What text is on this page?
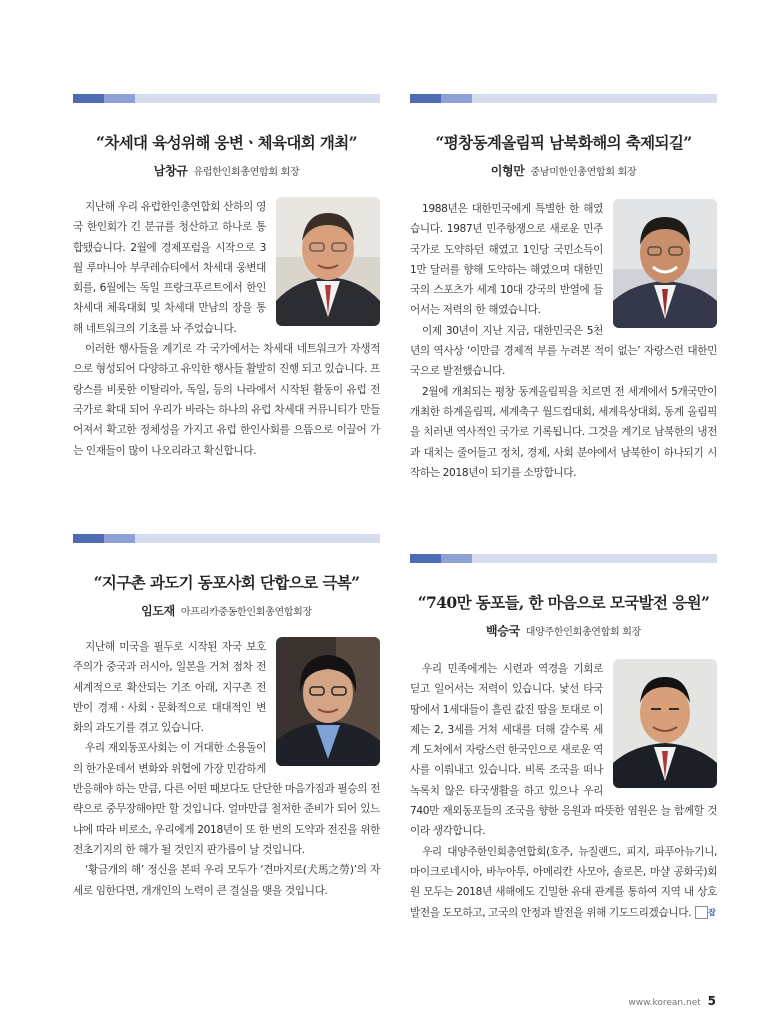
“차세대 육성위해 웅변ㆍ체육대회 개최”
남창규 유럽한인회총연합회 회장

지난해 우리 유럽한인총연합회 산하의 영국 한인회가 긴 분규를 청산하고 하나로 통합됐습니다. 2월에 경제포럼을 시작으로 3월 루마니아 부쿠레슈티에서 차세대 웅변대회를, 6월에는 독일 프랑크푸르트에서 한인차세대 체육대회 및 차세대 만남의 장을 통해 네트워크의 기초를 놔 주었습니다.

이러한 행사들을 계기로 각 국가에서는 차세대 네트워크가 자생적으로 형성되어 다양하고 유익한 행사들 활발히 진행 되고 있습니다. 프랑스를 비롯한 이탈리아, 독일, 등의 나라에서 시작된 활동이 유럽 전 국가로 확대 되어 우리가 바라는 하나의 유럽 차세대 커뮤니티가 만들어져서 확고한 정체성을 가지고 유럽 한인사회를 으뜸으로 이끌어 가는 인재들이 많이 나오리라고 확신합니다.

“평창동계올림픽 남북화해의 축제되길”
이형만 중남미한인총연합회 회장

1988년은 대한민국에게 특별한 한 해였습니다. 1987년 민주항쟁으로 새로운 민주국가로 도약하던 해였고 1인당 국민소득이 1만 달러를 향해 도약하는 해였으며 대한민국의 스포츠가 세계 10대 강국의 반열에 들어서는 저력의 한 해였습니다.

이제 30년이 지난 지금, 대한민국은 5천년의 역사상 ‘이만큼 경제적 부를 누려본 적이 없는’ 자랑스런 대한민국으로 발전했습니다.

2월에 개최되는 평창 동계올림픽을 치르면 전 세계에서 5개국만이 개최한 하계올림픽, 세계축구 월드컵대회, 세계육상대회, 동계 올림픽을 치러낸 역사적인 국가로 기록됩니다. 그것을 계기로 남북한의 냉전과 대치는 줄어들고 정치, 경제, 사회 분야에서 남북한이 하나되기 시작하는 2018년이 되기를 소망합니다.

“지구촌 과도기 동포사회 단합으로 극복”
임도재 아프리카중동한인회총연합회장

지난해 미국을 필두로 시작된 자국 보호주의가 중국과 러시아, 일본을 거쳐 점차 전 세계적으로 확산되는 기조 아래, 지구촌 전반이 경제ㆍ사회ㆍ문화적으로 대대적인 변화의 과도기를 겪고 있습니다.

우리 재외동포사회는 이 거대한 소용돌이의 한가운데서 변화와 위협에 가장 민감하게 반응해야 하는 만큼, 다른 어떤 때보다도 단단한 마음가짐과 필승의 전략으로 중무장해야만 할 것입니다. 얼마만큼 철저한 준비가 되어 있느냐에 따라 비로소, 우리에게 2018년이 또 한 번의 도약과 전진을 위한 전초기지의 한 해가 될 것인지 판가름이 날 것입니다.

‘황금개의 해’ 정신을 본떠 우리 모두가 ‘견마지로(犬馬之勞)’의 자세로 임한다면, 개개인의 노력이 큰 결실을 맺을 것입니다.

“740만 동포들, 한 마음으로 모국발전 응원”
백승국 대양주한인회총연합회 회장

우리 민족에게는 시련과 역경을 기회로 딛고 일어서는 저력이 있습니다. 낯선 타국 땅에서 1세대들이 흘린 값진 땀을 토대로 이제는 2, 3세를 거쳐 세대를 더해 갈수록 세계 도처에서 자랑스런 한국인으로 새로운 역사를 이뤄내고 있습니다. 비록 조국을 떠나 녹록치 않은 타국생활을 하고 있으나 우리 740만 재외동포들의 조국을 향한 응원과 따뜻한 염원은 늘 함께할 것이라 생각합니다.

우리 대양주한인회총연합회(호주, 뉴질랜드, 피지, 파푸아뉴기니, 마이크로네시아, 바누아투, 아메리칸 사모아, 솔로몬, 마샬 공화국)회원 모두는 2018년 새해에도 긴밀한 유대 관계를 통하여 지역 내 상호 발전을 도모하고, 고국의 안정과 발전을 위해 기도드리겠습니다. 잡

www.korean.net 5
